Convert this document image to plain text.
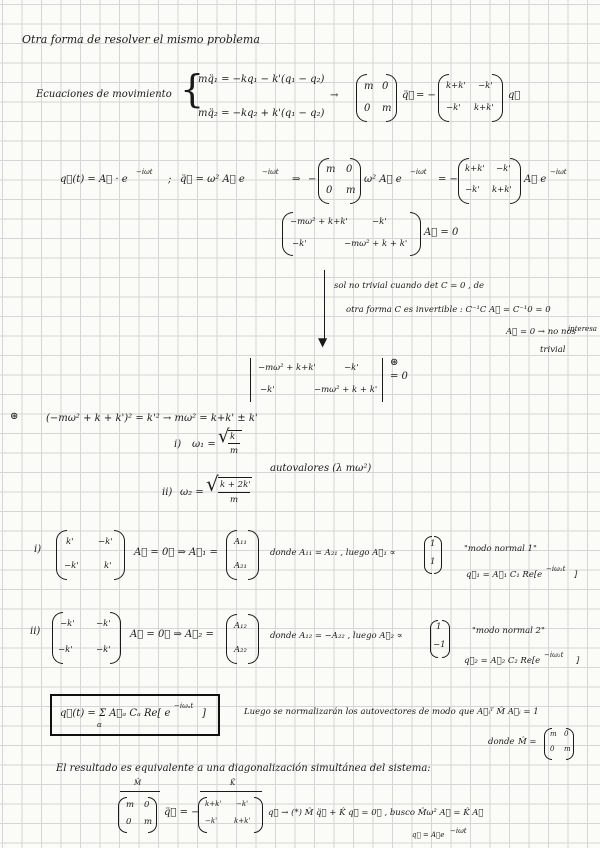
Otra forma de resolver el mismo problema
Ecuaciones de movimiento {
mq̈₁ = −kq₁ − k'(q₁ − q₂)
mq̈₂ = −kq₂ + k'(q₁ − q₂)
→
m 0
0 m
q̈⃗ = −
k+k' −k'
−k' k+k'
q⃗
q⃗(t) = A⃗ · e
−iωt
; q̈⃗ = ω² A⃗ e
−iωt
⇒ −
m 0
0 m
ω² A⃗ e
−iωt
= −
k+k' −k'
−k' k+k'
A⃗ e
−iωt
−mω² + k+k'	−k'
−k'	−mω² + k + k'
A⃗ = 0
▼
sol no trivial cuando det C = 0 , de
otra forma C es invertible : C⁻¹C A⃗ = C⁻¹0 = 0
A⃗ = 0 → no nos
interesa
trivial
−mω² + k+k'	−k'
−k'	−mω² + k + k'
⊛
= 0
⊛	(−mω² + k + k')² = k'² → mω² = k+k' ± k'
i) ω₁ = √ k
m
autovalores (λ mω²)
ii) ω₂ = √ k + 2k'
m
i)
k'	−k'
−k'	k'
A⃗ = 0⃗ ⇒ A⃗₁ =
A₁₁
A₂₁
donde A₁₁ = A₂₁ , luego A⃗₁ ∝
1
1
"modo normal 1"
q⃗₁ = A⃗₁ C₁ Re[e
−iω₁t
]
ii)
−k'	−k'
−k'	−k'
A⃗ = 0⃗ ⇒ A⃗₂ =
A₁₂
A₂₂
donde A₁₂ = −A₂₂ , luego A⃗₂ ∝
1
−1
"modo normal 2"
q⃗₂ = A⃗₂ C₂ Re[e
−iω₂t
]
q⃗(t) = Σ A⃗ₐ Cₐ Re[ e
α
−iωₐt
]	Luego se normalizarán los autovectores de modo que A⃗ᵢᵀ M̂ A⃗ᵢ = 1
donde M̂ =
m 0
0 m
El resultado es equivalente a una diagonalización simultánea del sistema:
M̂
m 0
0 m
q̈⃗ = −
K̂
k+k' −k'
−k' k+k'
q⃗ → (*) M̂ q̈⃗ + K̂ q⃗ = 0⃗ , busco M̂ω² A⃗ = K̂ A⃗
q⃗ = A⃗e −iωt
